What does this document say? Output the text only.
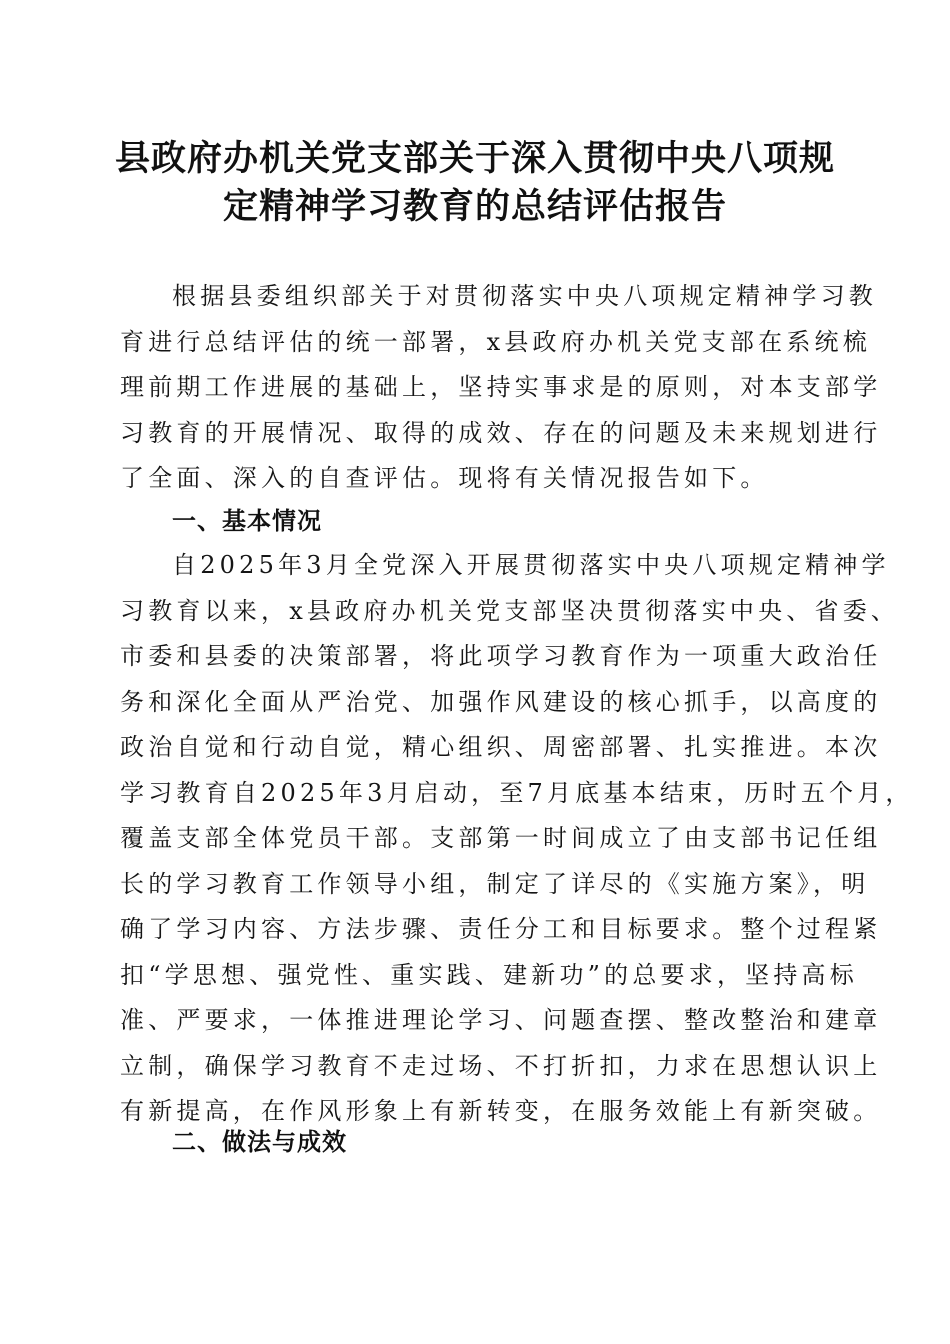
县政府办机关党支部关于深入贯彻中央八项规
定精神学习教育的总结评估报告
根据县委组织部关于对贯彻落实中央八项规定精神学习教
育进行总结评估的统一部署，x县政府办机关党支部在系统梳
理前期工作进展的基础上，坚持实事求是的原则，对本支部学
习教育的开展情况、取得的成效、存在的问题及未来规划进行
了全面、深入的自查评估。现将有关情况报告如下。
一、基本情况
自2025年3月全党深入开展贯彻落实中央八项规定精神学
习教育以来，x县政府办机关党支部坚决贯彻落实中央、省委、
市委和县委的决策部署，将此项学习教育作为一项重大政治任
务和深化全面从严治党、加强作风建设的核心抓手，以高度的
政治自觉和行动自觉，精心组织、周密部署、扎实推进。本次
学习教育自2025年3月启动，至7月底基本结束，历时五个月，
覆盖支部全体党员干部。支部第一时间成立了由支部书记任组
长的学习教育工作领导小组，制定了详尽的《实施方案》，明
确了学习内容、方法步骤、责任分工和目标要求。整个过程紧
扣“学思想、强党性、重实践、建新功”的总要求，坚持高标
准、严要求，一体推进理论学习、问题查摆、整改整治和建章
立制，确保学习教育不走过场、不打折扣，力求在思想认识上
有新提高，在作风形象上有新转变，在服务效能上有新突破。
二、做法与成效
